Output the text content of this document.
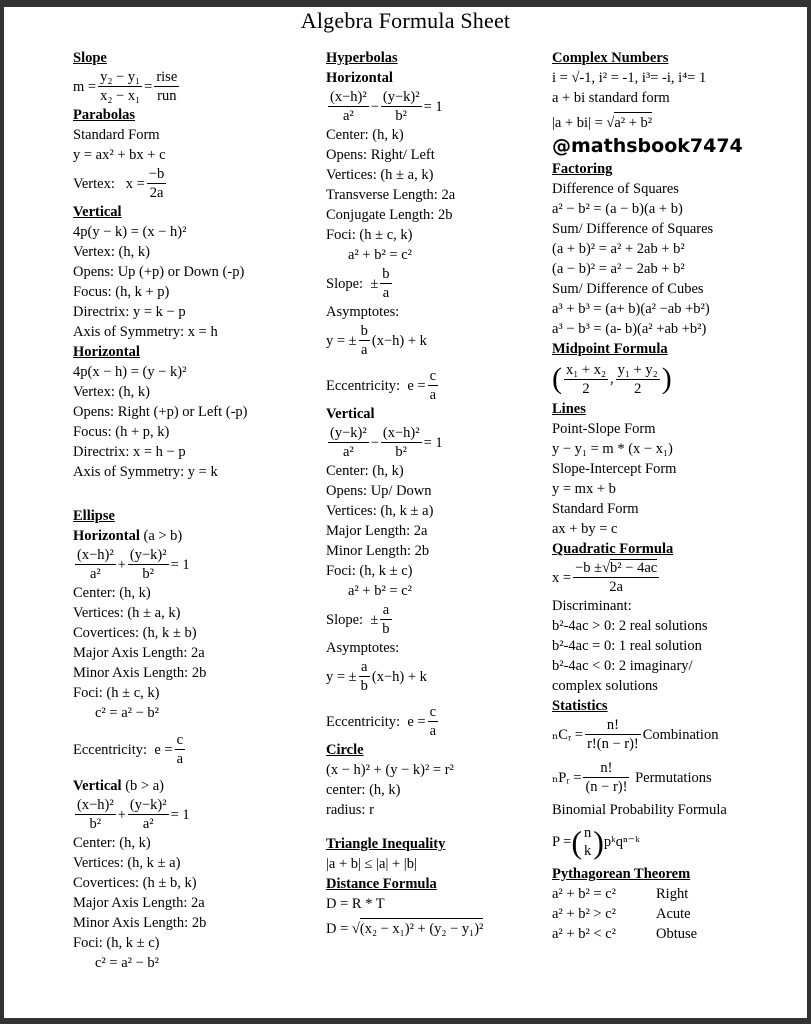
Algebra Formula Sheet
Slope
$m = \frac{\text{y₂ − y₁}}{\text{x₂ − x₁}} = \frac{\text{rise}}{\text{run}}$
Parabolas
Standard Form
y = ax² + bx + c
Vertex:
$x = \frac{-b}{2a}$
Vertical
4p(y − k) = (x − h)²
Vertex: (h, k)
Opens: Up (+p) or Down (-p)
Focus: (h, k + p)
Directrix: y = k − p
Axis of Symmetry: x = h
Horizontal
4p(x − h) = (y − k)²
Vertex: (h, k)
Opens: Right (+p) or Left (-p)
Focus: (h + p, k)
Directrix: x = h − p
Axis of Symmetry: y = k
Ellipse
Horizontal (a > b)
$\frac{\text{(x−h)²}}{\text{a²}} + \frac{\text{(y−k)²}}{\text{b²}} = 1$
Center: (h, k)
Vertices: (h ± a, k)
Covertices: (h, k ± b)
Major Axis Length: 2a
Minor Axis Length: 2b
Foci: (h ± c, k)
c² = a² − b²
Eccentricity:
$e = \frac{c}{a}$
Vertical (b > a)
$\frac{\text{(x−h)²}}{\text{b²}} + \frac{\text{(y−k)²}}{\text{a²}} = 1$
Center: (h, k)
Vertices: (h, k ± a)
Covertices: (h ± b, k)
Major Axis Length: 2a
Minor Axis Length: 2b
Foci: (h, k ± c)
c² = a² − b²
Hyperbolas
Horizontal
$\frac{\text{(x−h)²}}{\text{a²}} - \frac{\text{(y−k)²}}{\text{b²}} = 1$
Center: (h, k)
Opens: Right/ Left
Vertices: (h ± a, k)
Transverse Length: 2a
Conjugate Length: 2b
Foci: (h ± c, k)
a² + b² = c²
Slope:
± $\frac{b}{a}$
Asymptotes:
y = ± $\frac{b}{a} (x-h) + k$
Eccentricity:
$e = \frac{c}{a}$
Vertical
$\frac{\text{(y−k)²}}{\text{a²}} - \frac{\text{(x−h)²}}{\text{b²}} = 1$
Center: (h, k)
Opens: Up/ Down
Vertices: (h, k ± a)
Major Length: 2a
Minor Length: 2b
Foci: (h, k ± c)
a² + b² = c²
Slope:
± $\frac{a}{b}$
Asymptotes:
y = ± $\frac{a}{b} (x-h) + k$
Eccentricity:
$e = \frac{c}{a}$
Circle
(x − h)² + (y − k)² = r²
center: (h, k)
radius: r
Triangle Inequality
|a + b| ≤ |a| + |b|
Distance Formula
D = R * T
D =
√ (x₂ − x₁)² + (y₂ − y₁)²
Complex Numbers
i = √-1, i² = -1, i³= -i, i⁴= 1
a + bi standard form
|a + bi| =
√ a² + b²
@mathsbook7474
Factoring
Difference of Squares
a² − b² = (a − b)(a + b)
Sum/ Difference of Squares
(a + b)² = a² + 2ab + b²
(a − b)² = a² − 2ab + b²
Sum/ Difference of Cubes
a³ + b³ = (a+ b)(a² −ab +b²)
a³ − b³ = (a- b)(a² +ab +b²)
Midpoint Formula
( $\frac{\text{x₁ + x₂}}{2}$ , $\frac{\text{y₁ + y₂}}{2}$ )
Lines
Point-Slope Form
y − y₁ = m * (x − x₁)
Slope-Intercept Form
y = mx + b
Standard Form
ax + by = c
Quadratic Formula
$x = \frac{\text{−b ±√b² − 4ac}}{2a}$
Discriminant:
b²-4ac > 0: 2 real solutions
b²-4ac = 0: 1 real solution
b²-4ac < 0: 2 imaginary/
complex solutions
Statistics
ₙCᵣ = $\frac{n!}{r!(n - r)!}$ Combination
ₙPᵣ = $\frac{n!}{(n - r)!}$
Permutations
Binomial Probability Formula
P = ( n
k ) pᵏqⁿ⁻ᵏ
Pythagorean Theorem
a² + b² = c²	Right
a² + b² > c²	Acute
a² + b² < c²	Obtuse
